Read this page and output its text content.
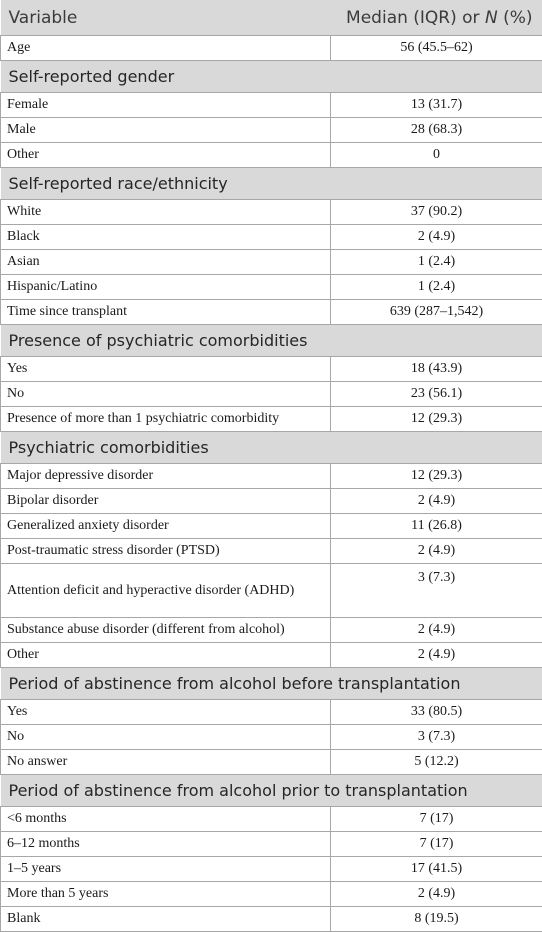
Variable	Median (IQR) or N (%)
Age	56 (45.5–62)
Self-reported gender	
Female	13 (31.7)
Male	28 (68.3)
Other	0
Self-reported race/ethnicity	
White	37 (90.2)
Black	2 (4.9)
Asian	1 (2.4)
Hispanic/Latino	1 (2.4)
Time since transplant	639 (287–1,542)
Presence of psychiatric comorbidities	
Yes	18 (43.9)
No	23 (56.1)
Presence of more than 1 psychiatric comorbidity	12 (29.3)
Psychiatric comorbidities	
Major depressive disorder	12 (29.3)
Bipolar disorder	2 (4.9)
Generalized anxiety disorder	11 (26.8)
Post-traumatic stress disorder (PTSD)	2 (4.9)
Attention deficit and hyperactive disorder (ADHD)	3 (7.3)
Substance abuse disorder (different from alcohol)	2 (4.9)
Other	2 (4.9)
Period of abstinence from alcohol before transplantation	
Yes	33 (80.5)
No	3 (7.3)
No answer	5 (12.2)
Period of abstinence from alcohol prior to transplantation	
<6 months	7 (17)
6–12 months	7 (17)
1–5 years	17 (41.5)
More than 5 years	2 (4.9)
Blank	8 (19.5)
